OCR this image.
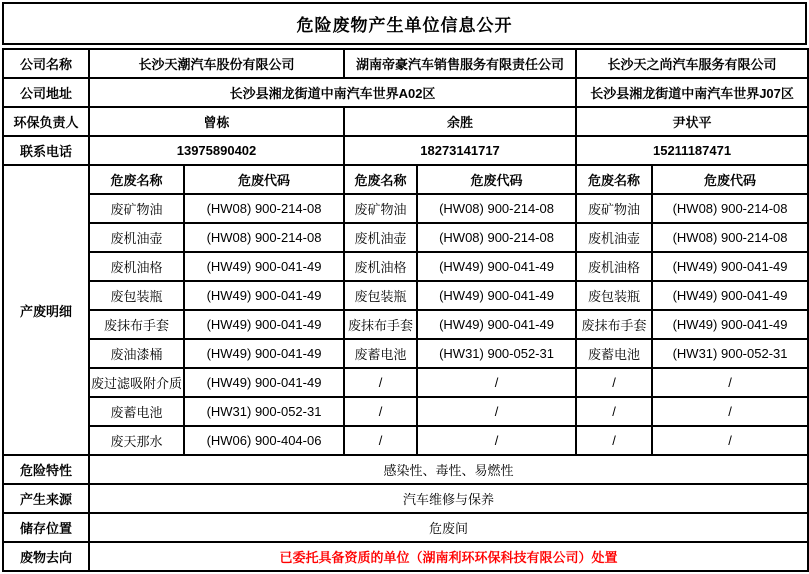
危险废物产生单位信息公开
公司名称	长沙天潮汽车股份有限公司		湖南帝豪汽车销售服务有限责任公司		长沙天之尚汽车服务有限公司	
公司地址	长沙县湘龙街道中南汽车世界A02区				长沙县湘龙街道中南汽车世界J07区	
环保负责人	曾栋		余胜		尹状平	
联系电话	13975890402		18273141717		15211187471	
产废明细	危废名称	危废代码	危废名称	危废代码	危废名称	危废代码
	废矿物油	(HW08) 900-214-08	废矿物油	(HW08) 900-214-08	废矿物油	(HW08) 900-214-08
	废机油壶	(HW08) 900-214-08	废机油壶	(HW08) 900-214-08	废机油壶	(HW08) 900-214-08
	废机油格	(HW49) 900-041-49	废机油格	(HW49) 900-041-49	废机油格	(HW49) 900-041-49
	废包装瓶	(HW49) 900-041-49	废包装瓶	(HW49) 900-041-49	废包装瓶	(HW49) 900-041-49
	废抹布手套	(HW49) 900-041-49	废抹布手套	(HW49) 900-041-49	废抹布手套	(HW49) 900-041-49
	废油漆桶	(HW49) 900-041-49	废蓄电池	(HW31) 900-052-31	废蓄电池	(HW31) 900-052-31
	废过滤吸附介质	(HW49) 900-041-49	/	/	/	/
	废蓄电池	(HW31) 900-052-31	/	/	/	/
	废天那水	(HW06) 900-404-06	/	/	/	/
危险特性	感染性、毒性、易燃性					
产生来源	汽车维修与保养					
储存位置	危废间					
废物去向	已委托具备资质的单位（湖南利环环保科技有限公司）处置					
